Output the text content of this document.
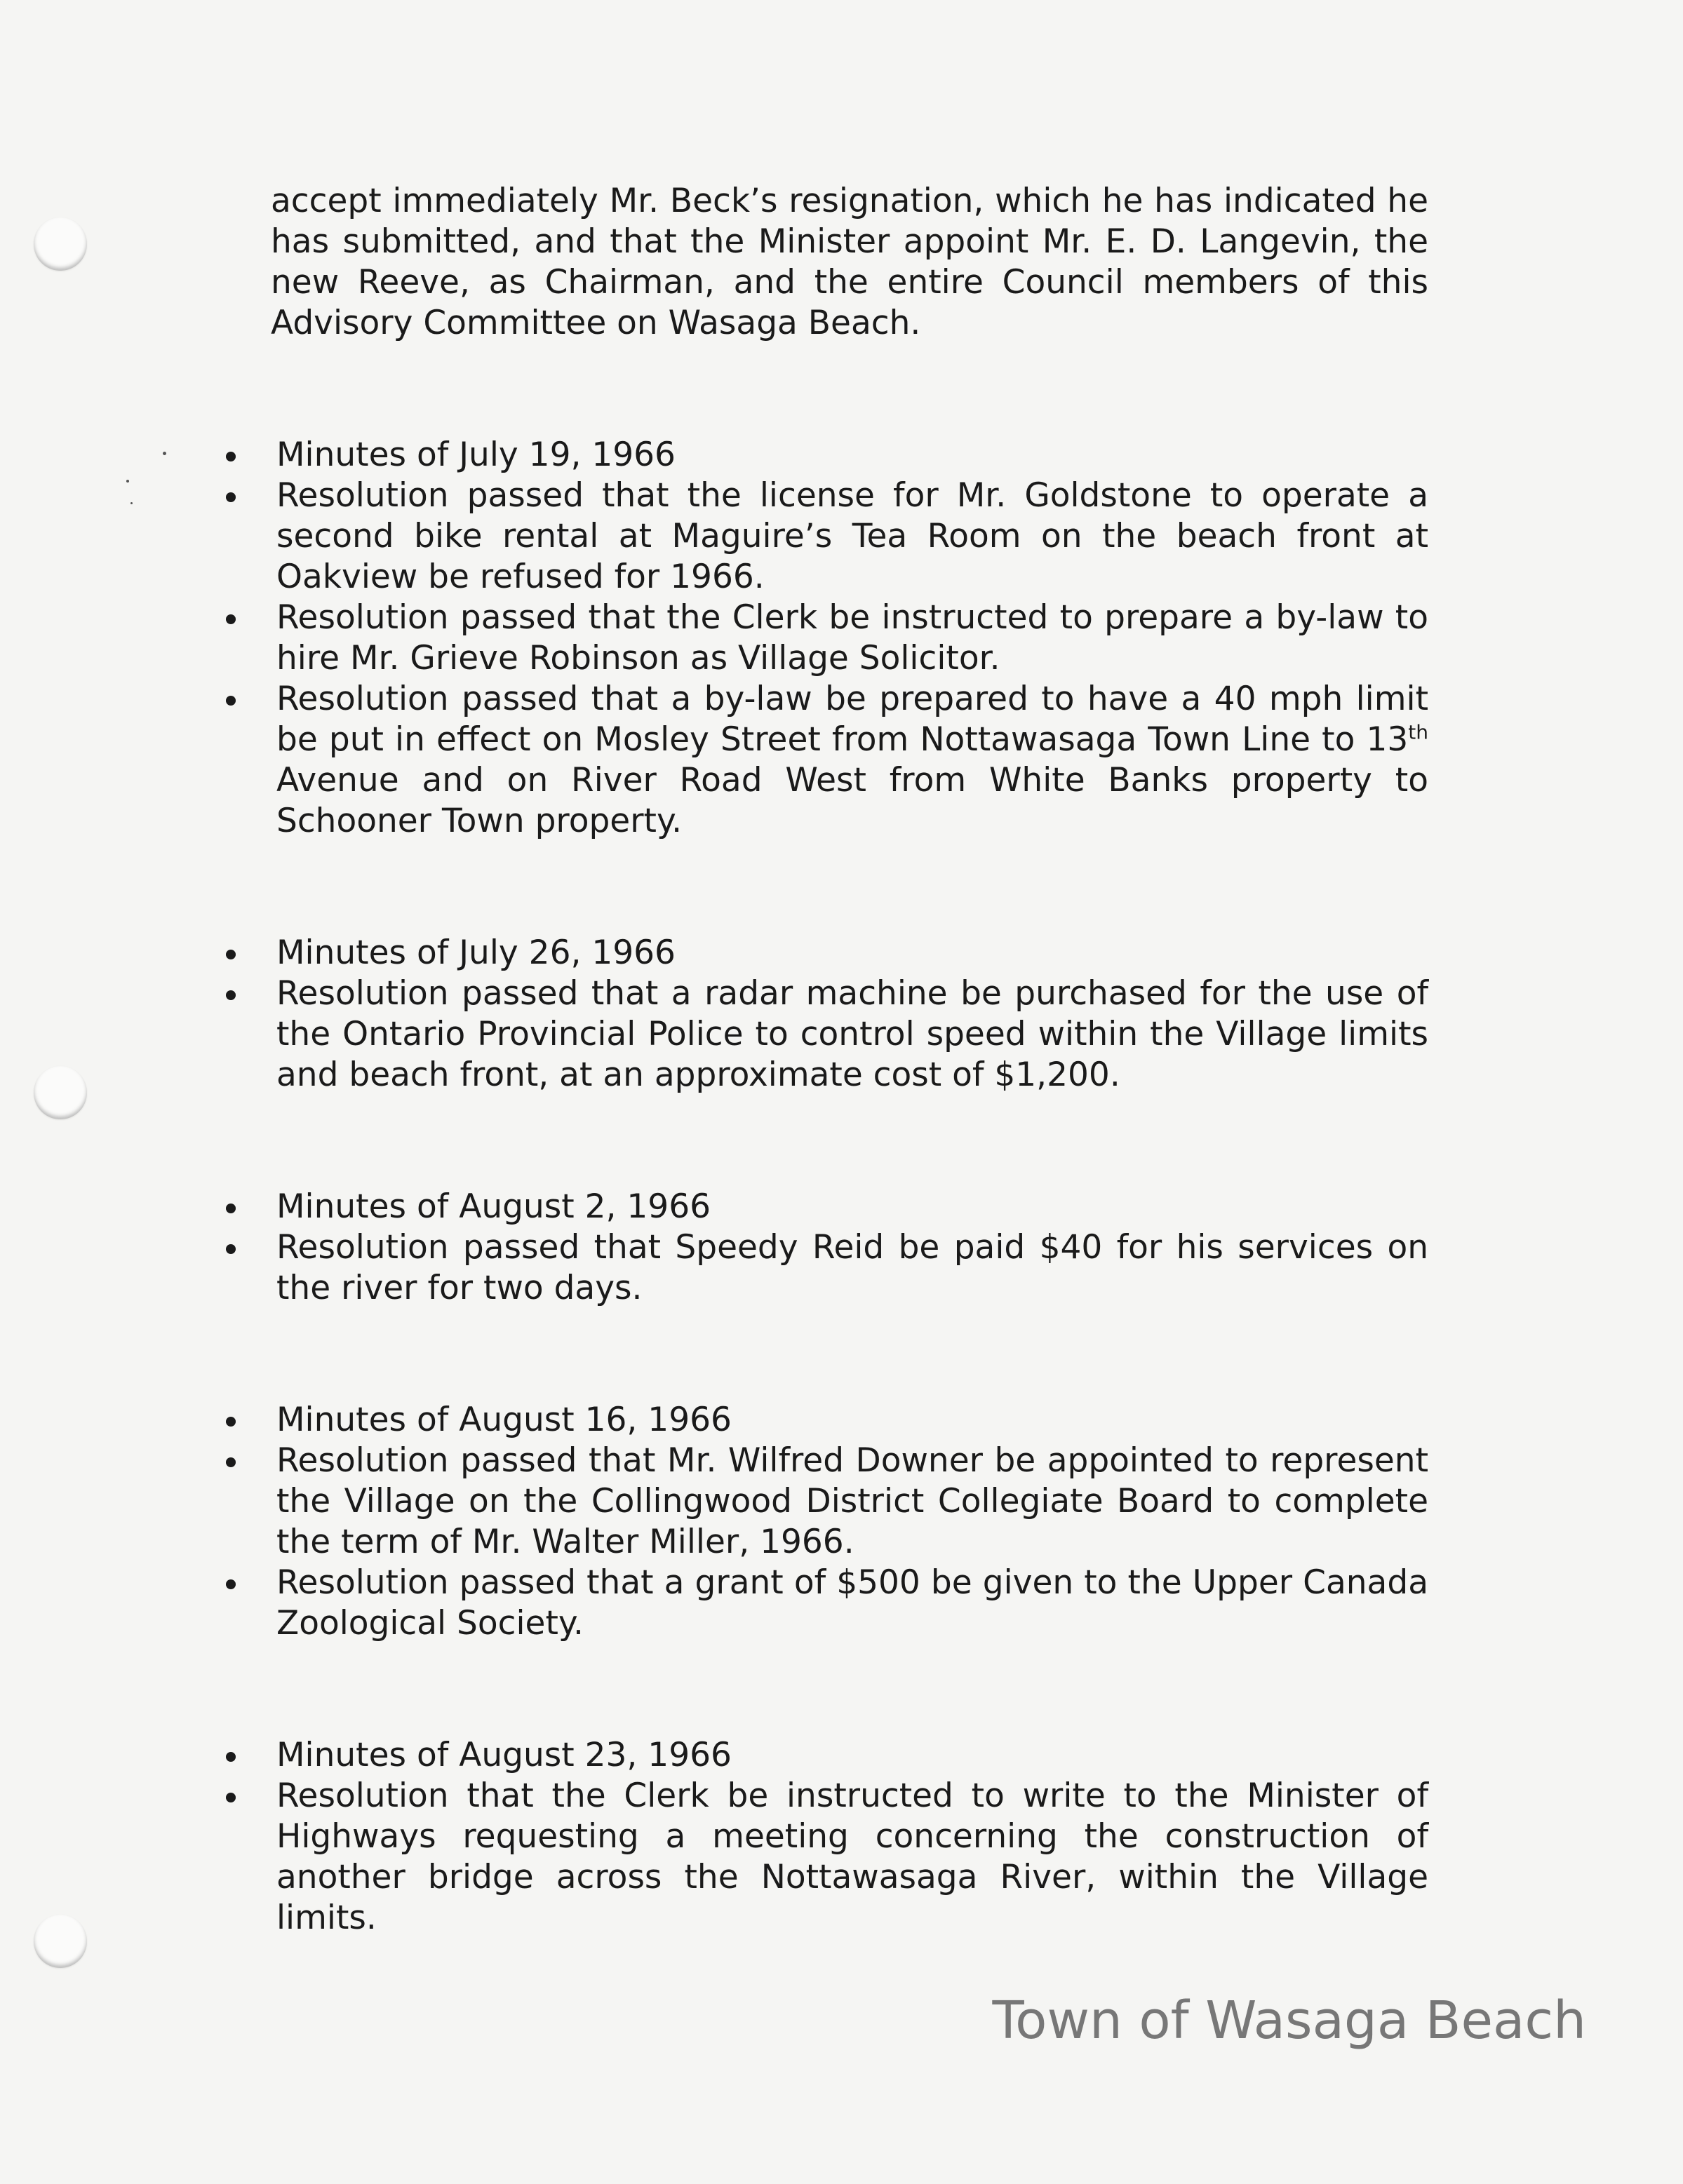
accept immediately Mr. Beck’s resignation, which he has indicated he has submitted, and that the Minister appoint Mr. E. D. Langevin, the new Reeve, as Chairman, and the entire Council members of this Advisory Committee on Wasaga Beach.

Minutes of July 19, 1966

Resolution passed that the license for Mr. Goldstone to operate a second bike rental at Maguire’s Tea Room on the beach front at Oakview be refused for 1966.

Resolution passed that the Clerk be instructed to prepare a by-law to hire Mr. Grieve Robinson as Village Solicitor.

Resolution passed that a by-law be prepared to have a 40 mph limit be put in effect on Mosley Street from Nottawasaga Town Line to 13th Avenue and on River Road West from White Banks property to Schooner Town property.

Minutes of July 26, 1966

Resolution passed that a radar machine be purchased for the use of the Ontario Provincial Police to control speed within the Village limits and beach front, at an approximate cost of $1,200.

Minutes of August 2, 1966

Resolution passed that Speedy Reid be paid $40 for his services on the river for two days.

Minutes of August 16, 1966

Resolution passed that Mr. Wilfred Downer be appointed to represent the Village on the Collingwood District Collegiate Board to complete the term of Mr. Walter Miller, 1966.

Resolution passed that a grant of $500 be given to the Upper Canada Zoological Society.

Minutes of August 23, 1966

Resolution that the Clerk be instructed to write to the Minister of Highways requesting a meeting concerning the construction of another bridge across the Nottawasaga River, within the Village limits.

Town of Wasaga Beach
